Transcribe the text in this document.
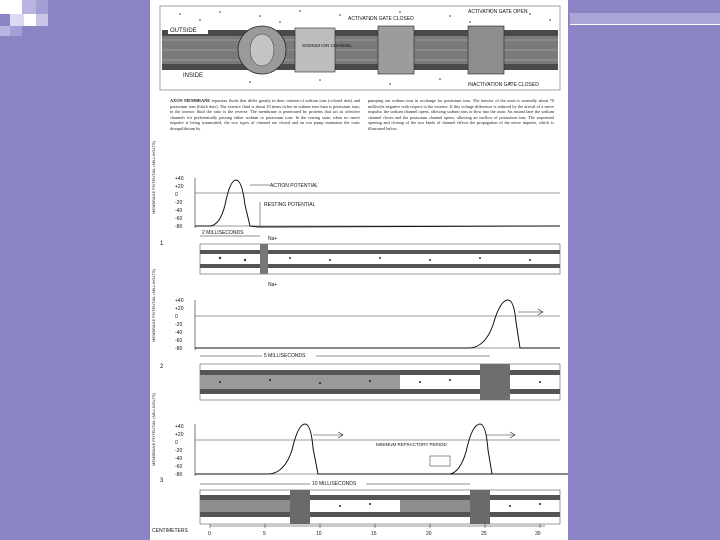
OUTSIDE
INSIDE
SODIUM ION CHANNEL
ACTIVATION GATE CLOSED
ACTIVATION GATE OPEN
INACTIVATION GATE CLOSED
AXON MEMBRANE separates fluids that differ greatly in their content of sodium ions (colored dots) and potassium ions (black dots). The exterior fluid is about 10 times richer in sodium ions than is potassium ions; in the interior fluid the ratio is the reverse. The membrane is penetrated by proteins that act as selective channels for preferentially passing either sodium or potassium ions. In the resting state, when no nerve impulse is being transmitted, the two types of channel are closed and an ion pump maintains the ionic disequilibrium by
pumping out sodium ions in exchange for potassium ions. The interior of the axon is normally about 70 millivolts negative with respect to the exterior. If this voltage difference is reduced by the arrival of a nerve impulse, the sodium channel opens, allowing sodium ions to flow into the axon. An instant later the sodium channel closes and the potassium channel opens, allowing an outflow of potassium ions. The sequential opening and closing of the two kinds of channel effects the propagation of the nerve impulse, which is illustrated below.
MEMBRANE POTENTIAL (MILLIVOLTS)	+40
+20
0
-20
-40
-60
-80
ACTION POTENTIAL
RESTING POTENTIAL
2 MILLISECONDS
1
Na+
Na+
MEMBRANE POTENTIAL (MILLIVOLTS)	+40
+20
0
-20
-40
-60
-80
5 MILLISECONDS
2
MEMBRANE POTENTIAL (MILLIVOLTS)	+40
+20
0
-20
-40
-60
-80
MINIMUM REFRACTORY PERIOD
10 MILLISECONDS
3
CENTIMETERS	0	5	10	15	20	25	30
